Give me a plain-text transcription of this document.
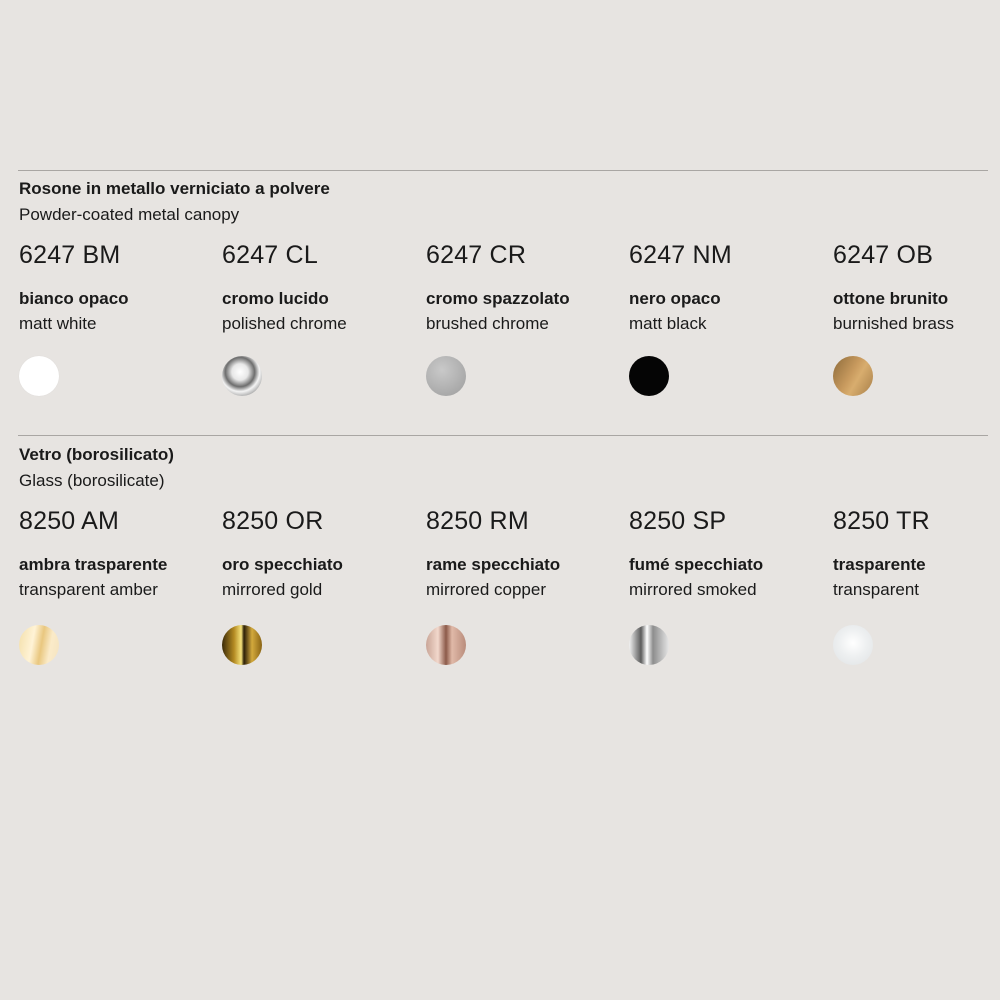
Rosone in metallo verniciato a polvere
Powder-coated metal canopy
6247 BM
bianco opaco
matt white
6247 CL
cromo lucido
polished chrome
6247 CR
cromo spazzolato
brushed chrome
6247 NM
nero opaco
matt black
6247 OB
ottone brunito
burnished brass
Vetro (borosilicato)
Glass (borosilicate)
8250 AM
ambra trasparente
transparent amber
8250 OR
oro specchiato
mirrored gold
8250 RM
rame specchiato
mirrored copper
8250 SP
fumé specchiato
mirrored smoked
8250 TR
trasparente
transparent
